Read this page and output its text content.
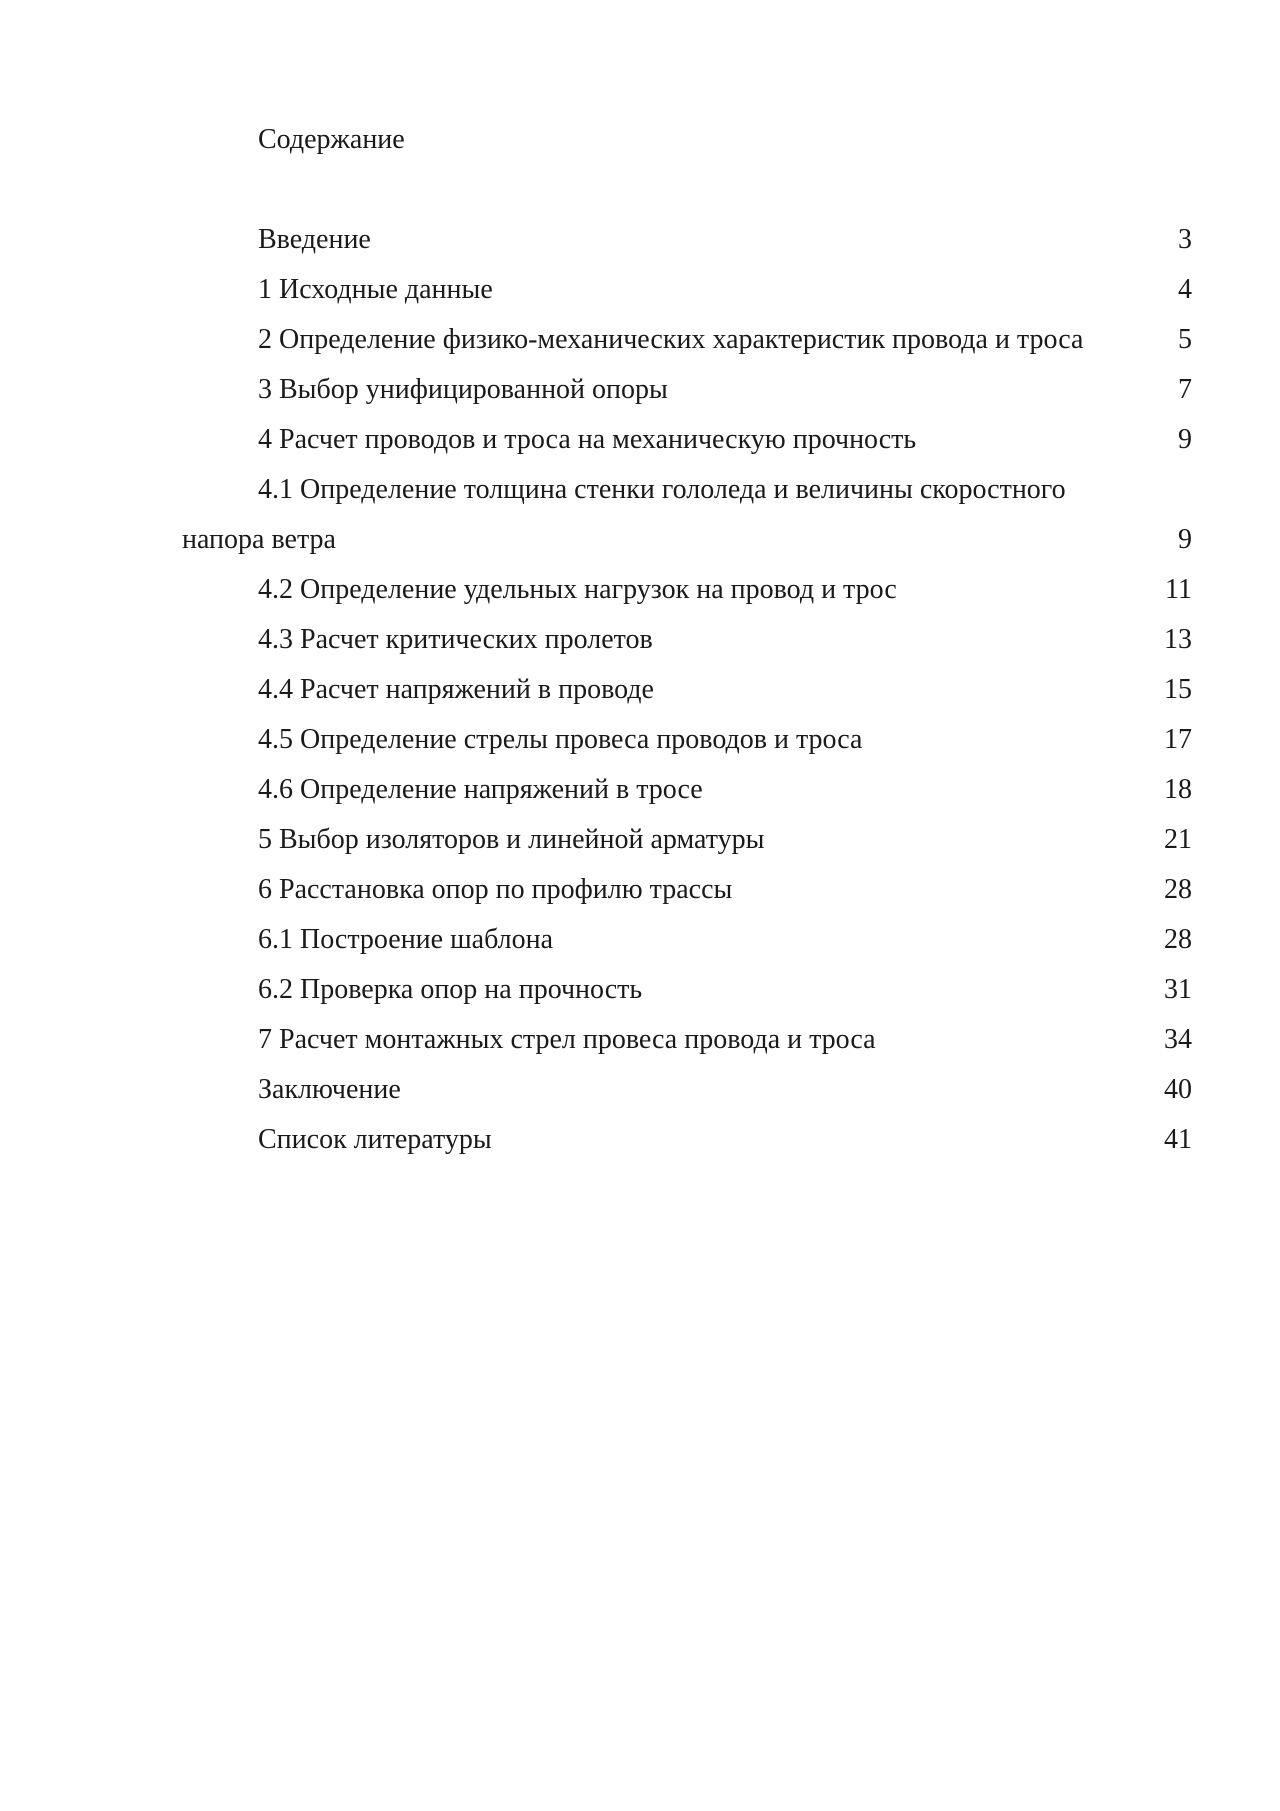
Содержание
Введение	3
1 Исходные данные	4
2 Определение физико-механических характеристик провода и троса	5
3 Выбор унифицированной опоры	7
4 Расчет проводов и троса на механическую прочность	9
4.1 Определение толщина стенки гололеда и величины скоростного
напора ветра	9
4.2 Определение удельных нагрузок на провод и трос	11
4.3 Расчет критических пролетов	13
4.4 Расчет напряжений в проводе	15
4.5 Определение стрелы провеса проводов и троса	17
4.6 Определение напряжений в тросе	18
5 Выбор изоляторов и линейной арматуры	21
6 Расстановка опор по профилю трассы	28
6.1 Построение шаблона	28
6.2 Проверка опор на прочность	31
7 Расчет монтажных стрел провеса провода и троса	34
Заключение	40
Список литературы	41
